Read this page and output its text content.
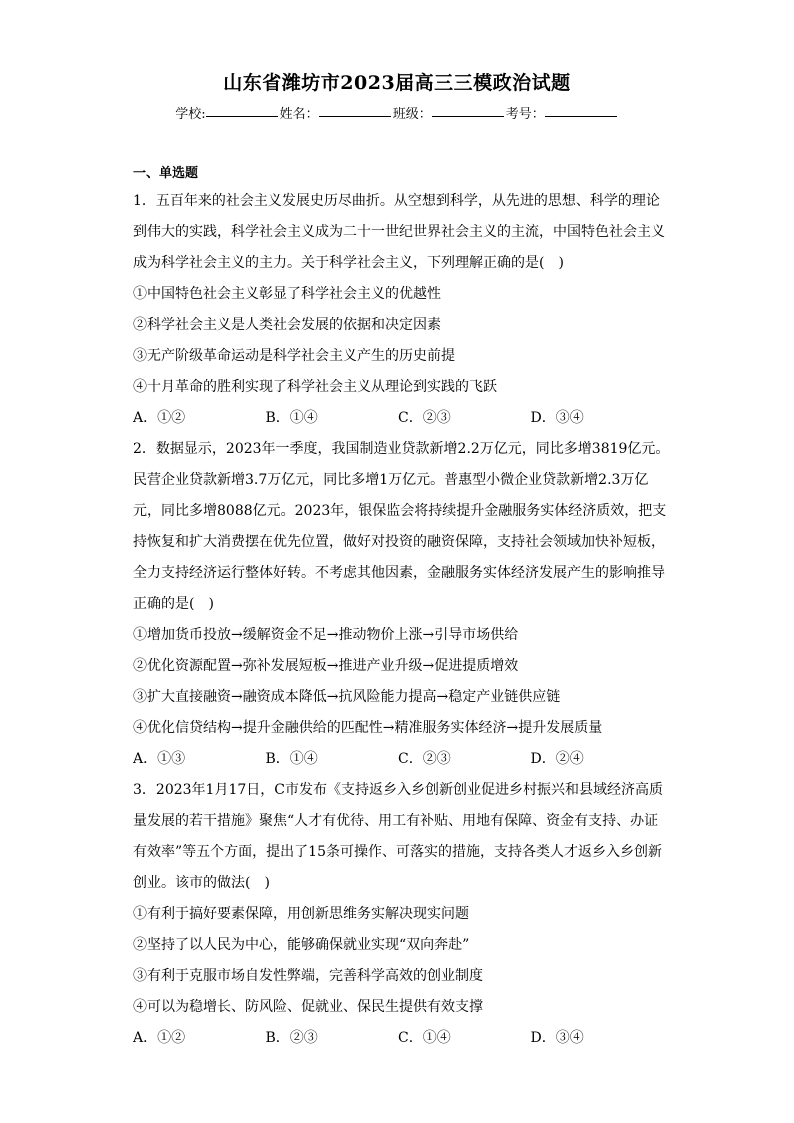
山东省潍坊市2023届高三三模政治试题
学校:	姓名：	班级：	考号：
一、单选题
1．五百年来的社会主义发展史历尽曲折。从空想到科学，从先进的思想、科学的理论
到伟大的实践，科学社会主义成为二十一世纪世界社会主义的主流，中国特色社会主义
成为科学社会主义的主力。关于科学社会主义，下列理解正确的是(　)
①中国特色社会主义彰显了科学社会主义的优越性
②科学社会主义是人类社会发展的依据和决定因素
③无产阶级革命运动是科学社会主义产生的历史前提
④十月革命的胜利实现了科学社会主义从理论到实践的飞跃
A．①②	B．①④	C．②③	D．③④
2．数据显示，2023年一季度，我国制造业贷款新增2.2万亿元，同比多增3819亿元。
民营企业贷款新增3.7万亿元，同比多增1万亿元。普惠型小微企业贷款新增2.3万亿
元，同比多增8088亿元。2023年，银保监会将持续提升金融服务实体经济质效，把支
持恢复和扩大消费摆在优先位置，做好对投资的融资保障，支持社会领域加快补短板，
全力支持经济运行整体好转。不考虑其他因素，金融服务实体经济发展产生的影响推导
正确的是(　)
①增加货币投放→缓解资金不足→推动物价上涨→引导市场供给
②优化资源配置→弥补发展短板→推进产业升级→促进提质增效
③扩大直接融资→融资成本降低→抗风险能力提高→稳定产业链供应链
④优化信贷结构→提升金融供给的匹配性→精准服务实体经济→提升发展质量
A．①③	B．①④	C．②③	D．②④
3．2023年1月17日，C市发布《支持返乡入乡创新创业促进乡村振兴和县域经济高质
量发展的若干措施》聚焦“人才有优待、用工有补贴、用地有保障、资金有支持、办证
有效率”等五个方面，提出了15条可操作、可落实的措施，支持各类人才返乡入乡创新
创业。该市的做法(　)
①有利于搞好要素保障，用创新思维务实解决现实问题
②坚持了以人民为中心，能够确保就业实现“双向奔赴”
③有利于克服市场自发性弊端，完善科学高效的创业制度
④可以为稳增长、防风险、促就业、保民生提供有效支撑
A．①②	B．②③	C．①④	D．③④
